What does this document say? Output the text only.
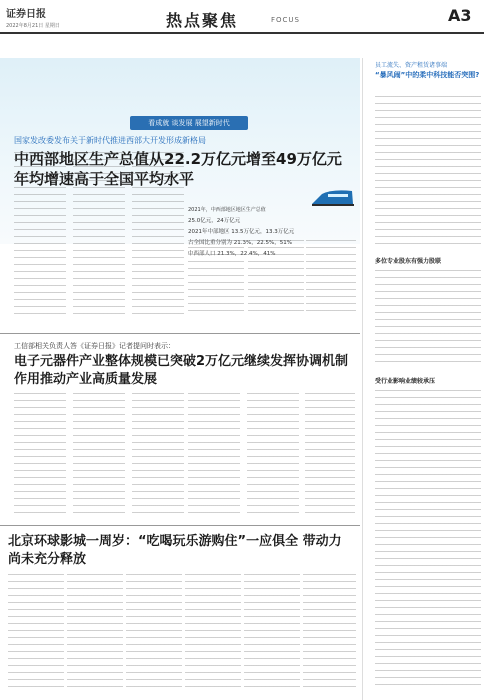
证券日报
2022年8月21日 星期日	热点聚焦	FOCUS	A3
看成就 谈发展 展望新时代
国家发改委发布关于新时代推进西部大开发形成新格局
中西部地区生产总值从22.2万亿元增至49万亿元年均增速高于全国平均水平
2021年，中西部地区地区生产总值
25.0亿元，24万亿元
2021年中部地区 13.5万亿元，13.3万亿元
占全国比重分别为 21.3%，22.5%，51%
中西部人口 21.3%，22.4%，41%
工信部相关负责人答《证券日报》记者提问时表示：
电子元器件产业整体规模已突破2万亿元继续发挥协调机制作用推动产业高质量发展
北京环球影城一周岁：“吃喝玩乐游购住”一应俱全 带动力尚未充分释放
员工流失、资产租赁诸事端
“暴风闹”中的柔中科技能否突围?
多位专业股东有强力股联
受行业影响业绩较承压
